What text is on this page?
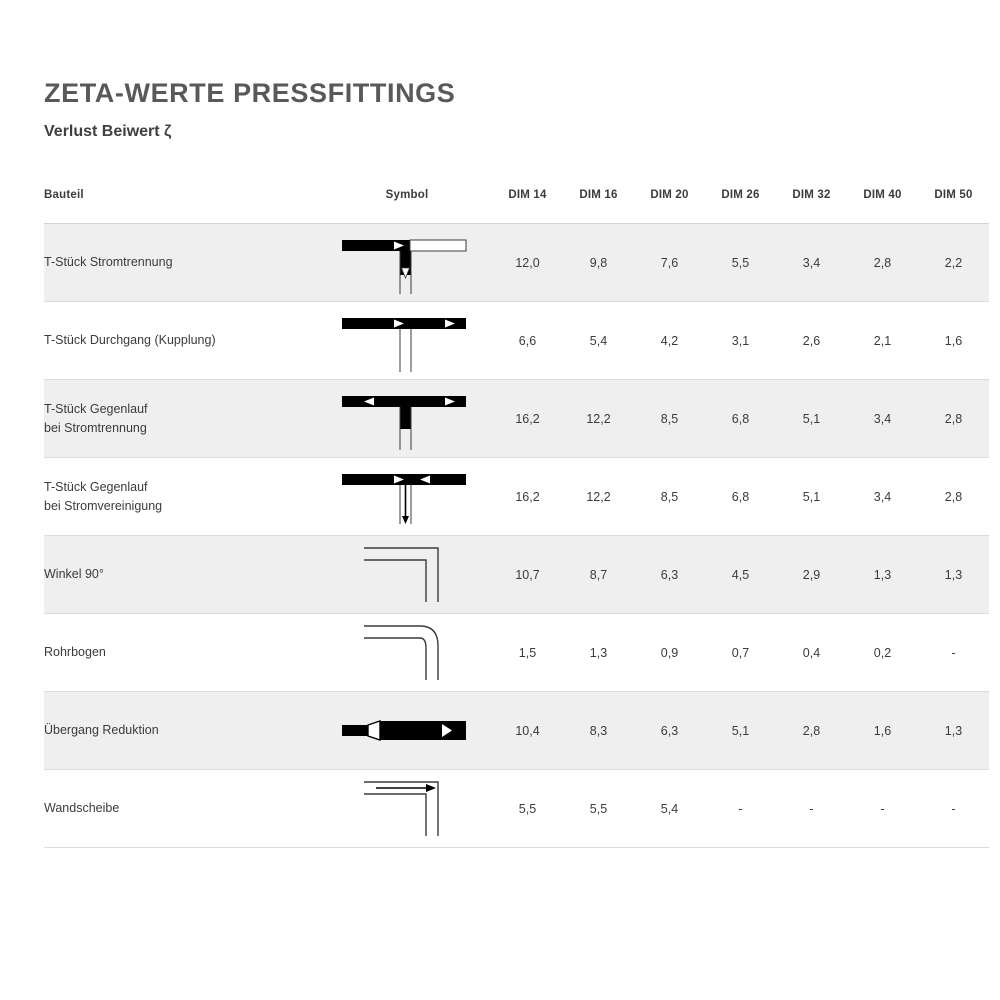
ZETA-WERTE PRESSFITTINGS
Verlust Beiwert ζ
Bauteil	Symbol	DIM 14	DIM 16	DIM 20	DIM 26	DIM 32	DIM 40	DIM 50
T-Stück Stromtrennung		12,0	9,8	7,6	5,5	3,4	2,8	2,2
T-Stück Durchgang (Kupplung)		6,6	5,4	4,2	3,1	2,6	2,1	1,6

T-Stück Gegenlauf
bei Stromtrennung		16,2	12,2	8,5	6,8	5,1	3,4	2,8

T-Stück Gegenlauf
bei Stromvereinigung		16,2	12,2	8,5	6,8	5,1	3,4	2,8
Winkel 90°		10,7	8,7	6,3	4,5	2,9	1,3	1,3
Rohrbogen		1,5	1,3	0,9	0,7	0,4	0,2	-
Übergang Reduktion		10,4	8,3	6,3	5,1	2,8	1,6	1,3
Wandscheibe		5,5	5,5	5,4	-	-	-	-
